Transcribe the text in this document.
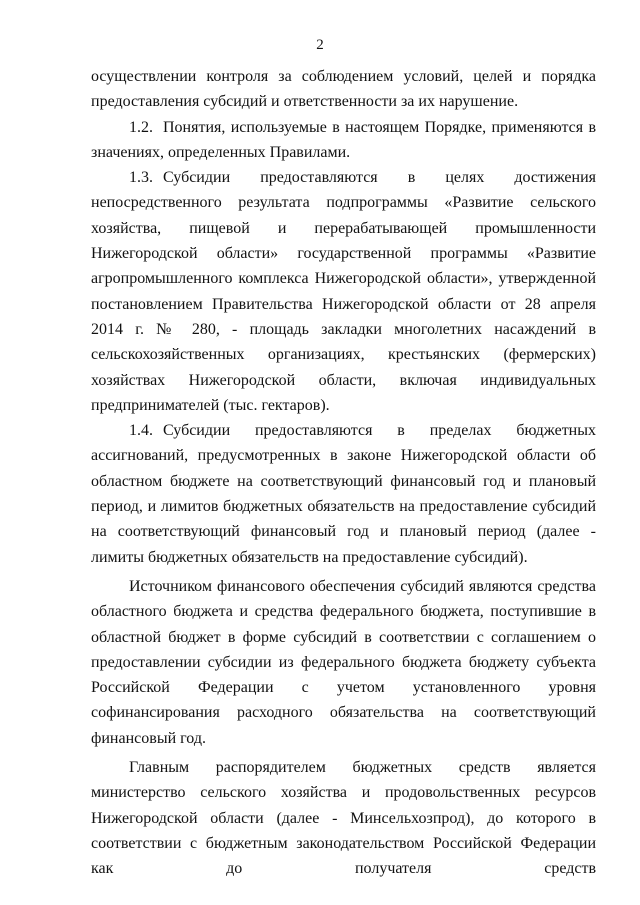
2

осуществлении контроля за соблюдением условий, целей и порядка предоставления субсидий и ответственности за их нарушение.

1.2. Понятия, используемые в настоящем Порядке, применяются в значениях, определенных Правилами.

1.3. Субсидии предоставляются в целях достижения непосредственного результата подпрограммы «Развитие сельского хозяйства, пищевой и перерабатывающей промышленности Нижегородской области» государственной программы «Развитие агропромышленного комплекса Нижегородской области», утвержденной постановлением Правительства Нижегородской области от 28 апреля 2014 г. № 280, - площадь закладки многолетних насаждений в сельскохозяйственных организациях, крестьянских (фермерских) хозяйствах Нижегородской области, включая индивидуальных предпринимателей (тыс. гектаров).

1.4. Субсидии предоставляются в пределах бюджетных ассигнований, предусмотренных в законе Нижегородской области об областном бюджете на соответствующий финансовый год и плановый период, и лимитов бюджетных обязательств на предоставление субсидий на соответствующий финансовый год и плановый период (далее - лимиты бюджетных обязательств на предоставление субсидий).

Источником финансового обеспечения субсидий являются средства областного бюджета и средства федерального бюджета, поступившие в областной бюджет в форме субсидий в соответствии с соглашением о предоставлении субсидии из федерального бюджета бюджету субъекта Российской Федерации с учетом установленного уровня софинансирования расходного обязательства на соответствующий финансовый год.

Главным распорядителем бюджетных средств является министерство сельского хозяйства и продовольственных ресурсов Нижегородской области (далее - Минсельхозпрод), до которого в соответствии с бюджетным законодательством Российской Федерации как до получателя средств
